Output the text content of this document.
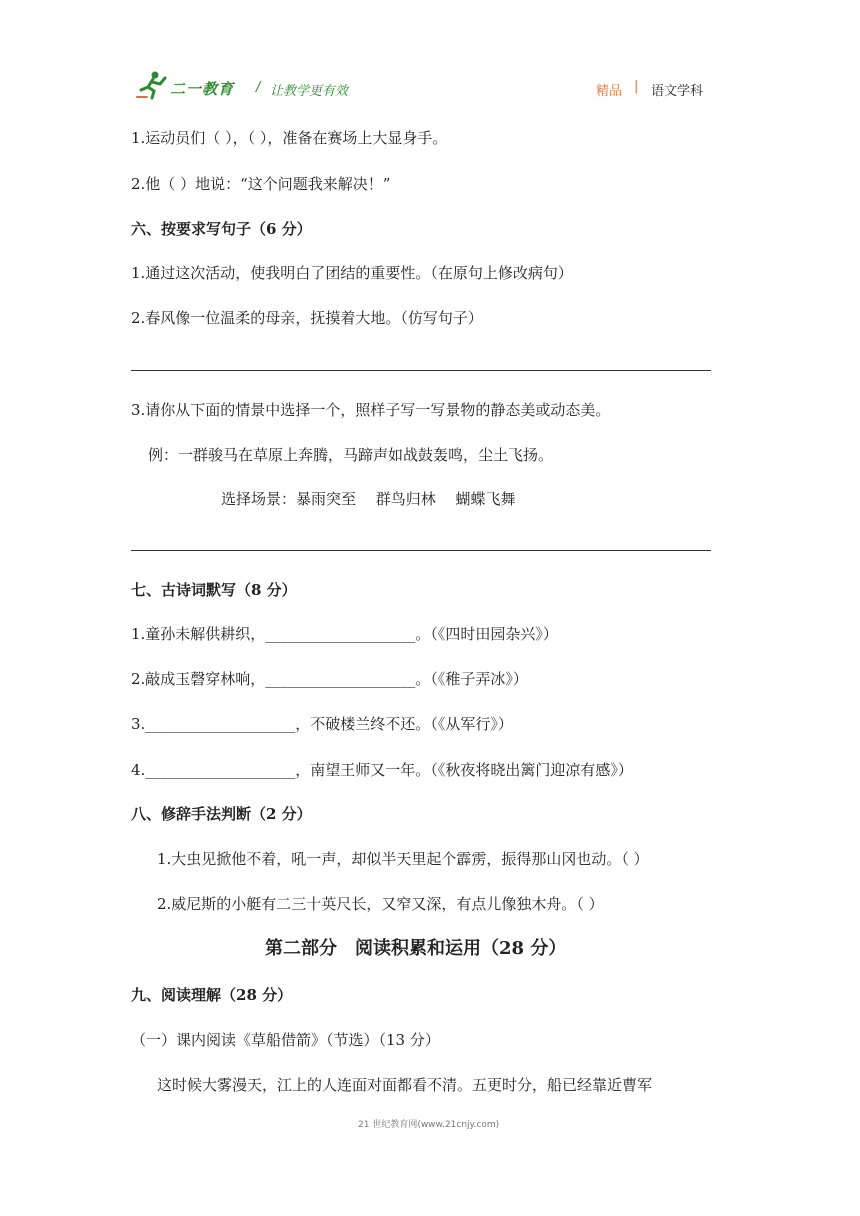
二一教育 / 让教学更有效	精品 | 语文学科
1.运动员们（ ），（ ），准备在赛场上大显身手。
2.他（ ）地说：“这个问题我来解决！”
六、按要求写句子（6 分）
1.通过这次活动，使我明白了团结的重要性。（在原句上修改病句）
2.春风像一位温柔的母亲，抚摸着大地。（仿写句子）
3.请你从下面的情景中选择一个，照样子写一写景物的静态美或动态美。
例：一群骏马在草原上奔腾，马蹄声如战鼓轰鸣，尘土飞扬。
选择场景：暴雨突至　 群鸟归林　 蝴蝶飞舞
七、古诗词默写（8 分）
1.童孙未解供耕织，____________________。（《四时田园杂兴》）
2.敲成玉磬穿林响，____________________。（《稚子弄冰》）
3.____________________，不破楼兰终不还。（《从军行》）
4.____________________，南望王师又一年。（《秋夜将晓出篱门迎凉有感》）
八、修辞手法判断（2 分）
1.大虫见掀他不着，吼一声，却似半天里起个霹雳，振得那山冈也动。（ ）
2.威尼斯的小艇有二三十英尺长，又窄又深，有点儿像独木舟。（ ）
第二部分　阅读积累和运用（28 分）
九、阅读理解（28 分）
（一）课内阅读《草船借箭》（节选）（13 分）
这时候大雾漫天，江上的人连面对面都看不清。五更时分，船已经靠近曹军
21 世纪教育网(www.21cnjy.com)
